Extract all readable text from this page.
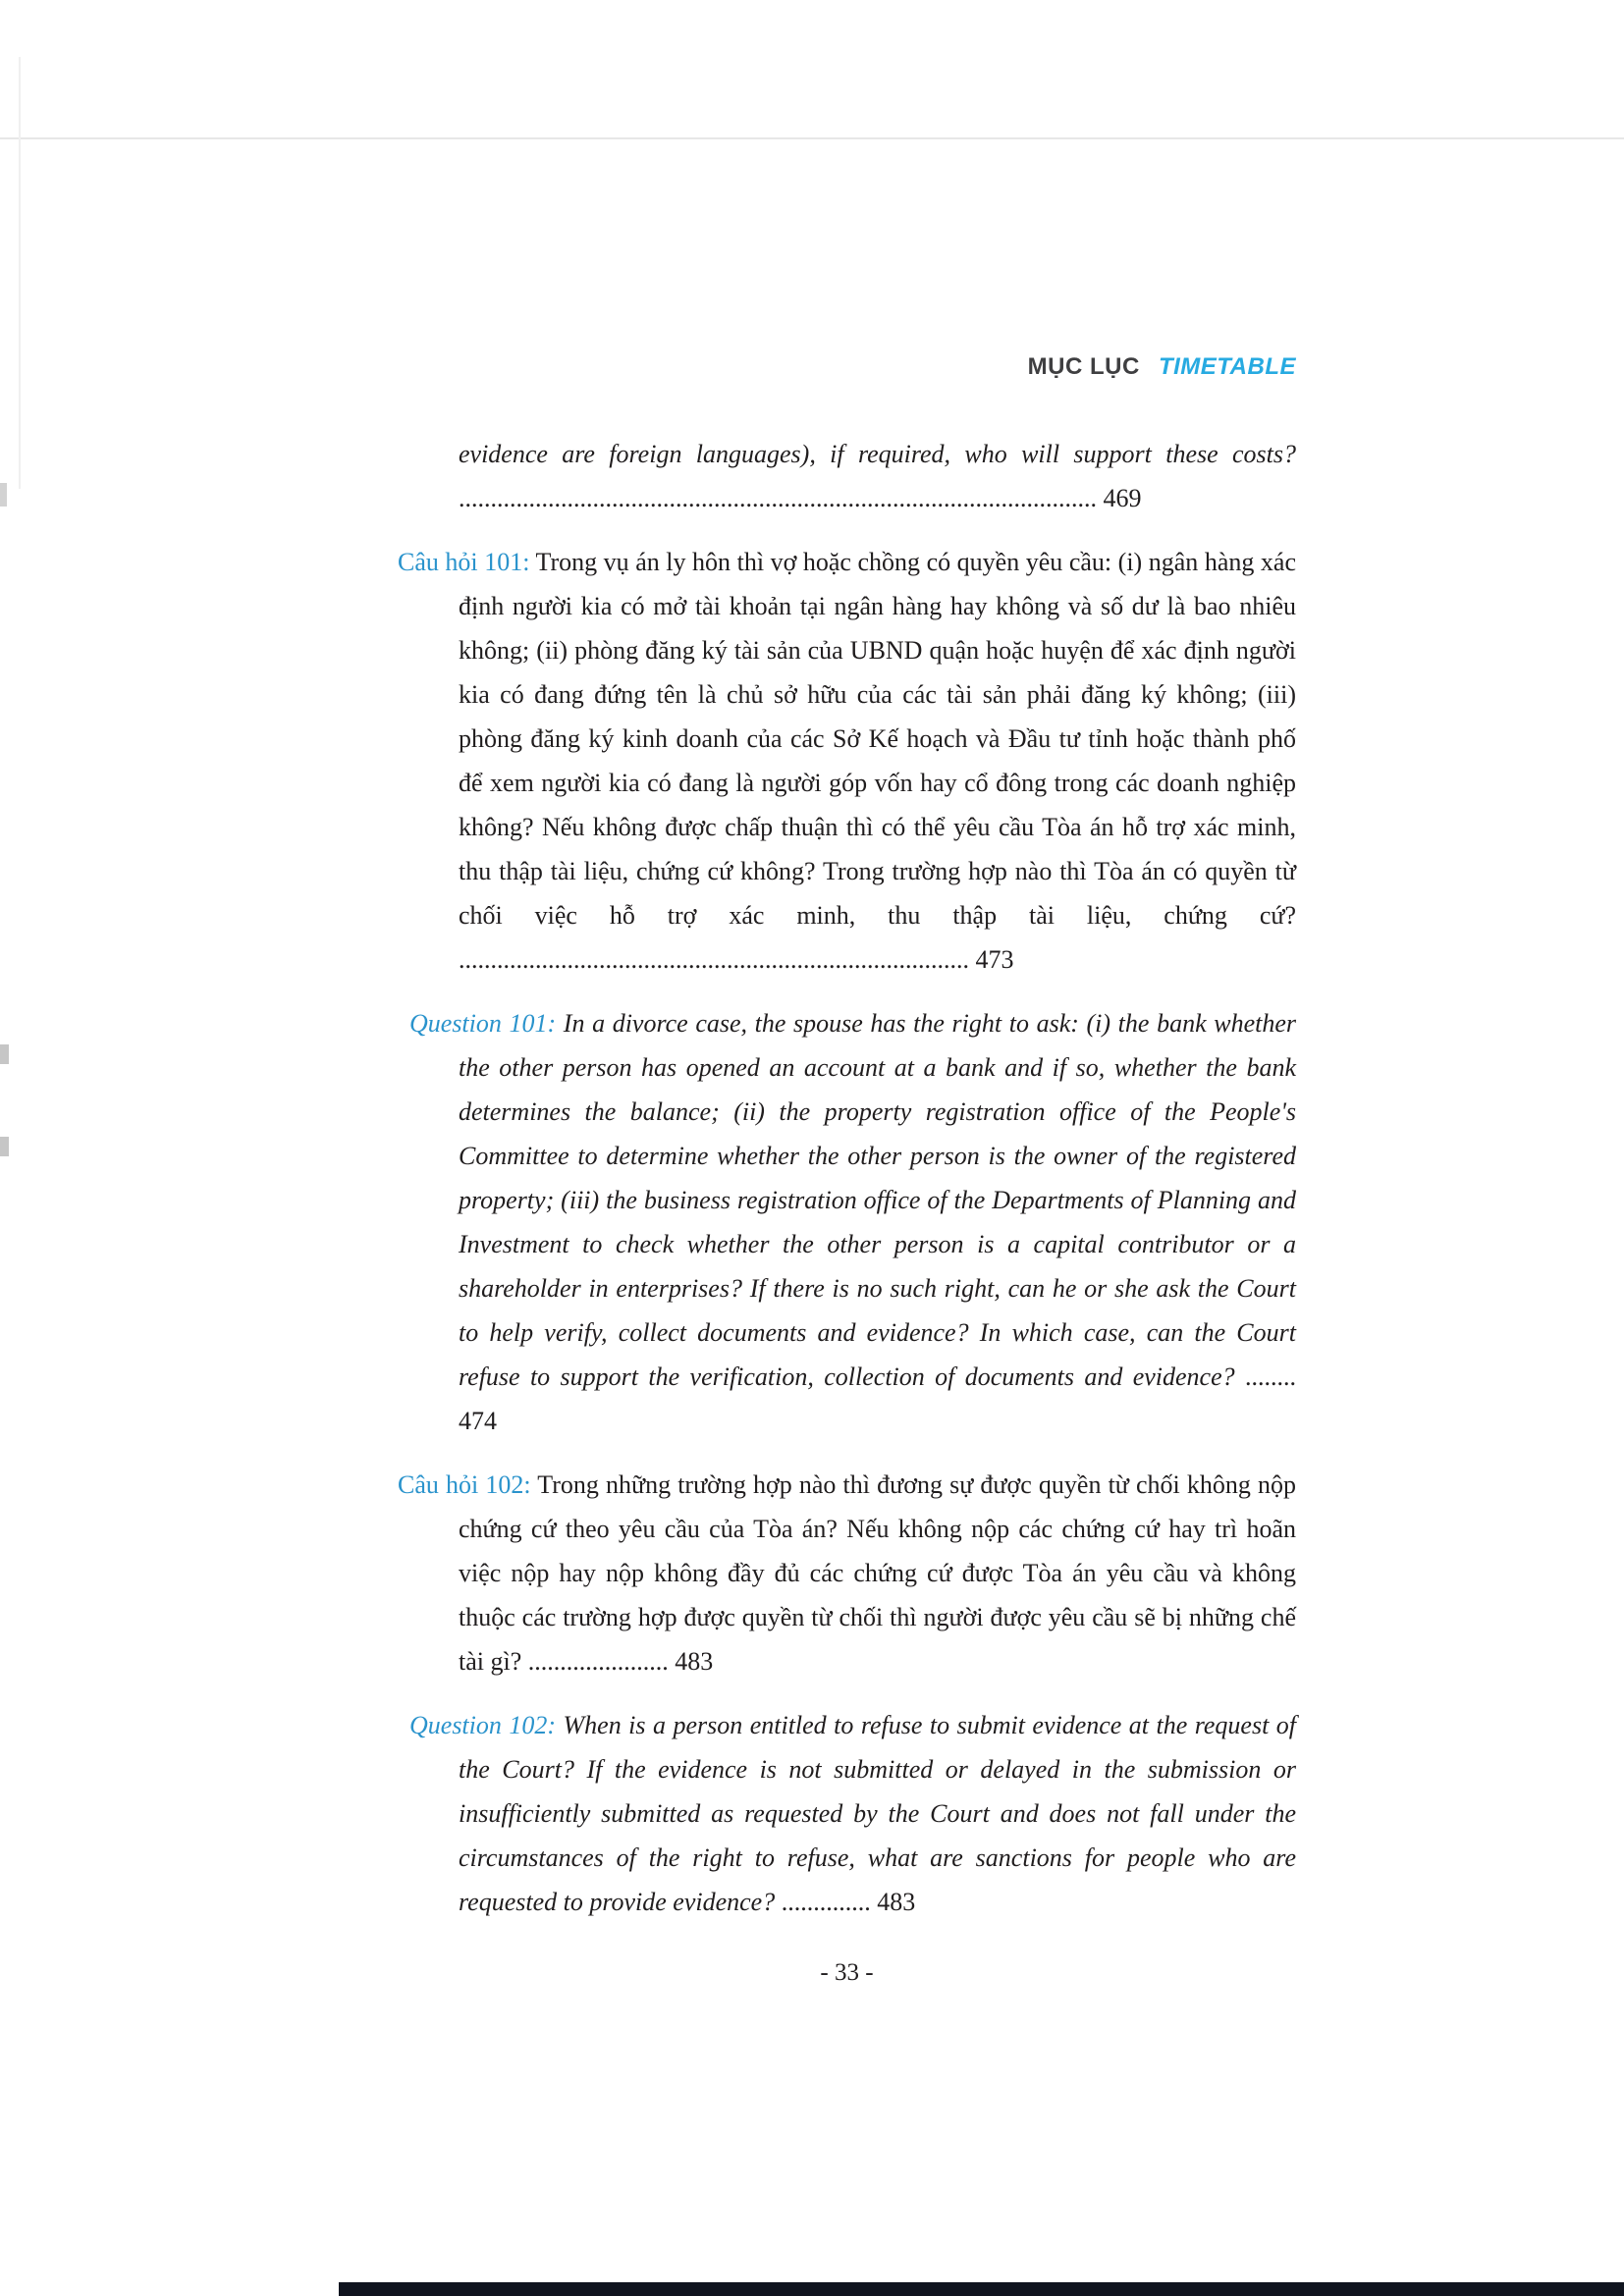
MỤC LỤC TIMETABLE

evidence are foreign languages), if required, who will support these costs? .................................................................................................... 469

Câu hỏi 101: Trong vụ án ly hôn thì vợ hoặc chồng có quyền yêu cầu: (i) ngân hàng xác định người kia có mở tài khoản tại ngân hàng hay không và số dư là bao nhiêu không; (ii) phòng đăng ký tài sản của UBND quận hoặc huyện để xác định người kia có đang đứng tên là chủ sở hữu của các tài sản phải đăng ký không; (iii) phòng đăng ký kinh doanh của các Sở Kế hoạch và Đầu tư tỉnh hoặc thành phố để xem người kia có đang là người góp vốn hay cổ đông trong các doanh nghiệp không? Nếu không được chấp thuận thì có thể yêu cầu Tòa án hỗ trợ xác minh, thu thập tài liệu, chứng cứ không? Trong trường hợp nào thì Tòa án có quyền từ chối việc hỗ trợ xác minh, thu thập tài liệu, chứng cứ? ................................................................................ 473

Question 101: In a divorce case, the spouse has the right to ask: (i) the bank whether the other person has opened an account at a bank and if so, whether the bank determines the balance; (ii) the property registration office of the People's Committee to determine whether the other person is the owner of the registered property; (iii) the business registration office of the Departments of Planning and Investment to check whether the other person is a capital contributor or a shareholder in enterprises? If there is no such right, can he or she ask the Court to help verify, collect documents and evidence? In which case, can the Court refuse to support the verification, collection of documents and evidence? ........ 474

Câu hỏi 102: Trong những trường hợp nào thì đương sự được quyền từ chối không nộp chứng cứ theo yêu cầu của Tòa án? Nếu không nộp các chứng cứ hay trì hoãn việc nộp hay nộp không đầy đủ các chứng cứ được Tòa án yêu cầu và không thuộc các trường hợp được quyền từ chối thì người được yêu cầu sẽ bị những chế tài gì? ...................... 483

Question 102: When is a person entitled to refuse to submit evidence at the request of the Court? If the evidence is not submitted or delayed in the submission or insufficiently submitted as requested by the Court and does not fall under the circumstances of the right to refuse, what are sanctions for people who are requested to provide evidence? .............. 483

- 33 -
